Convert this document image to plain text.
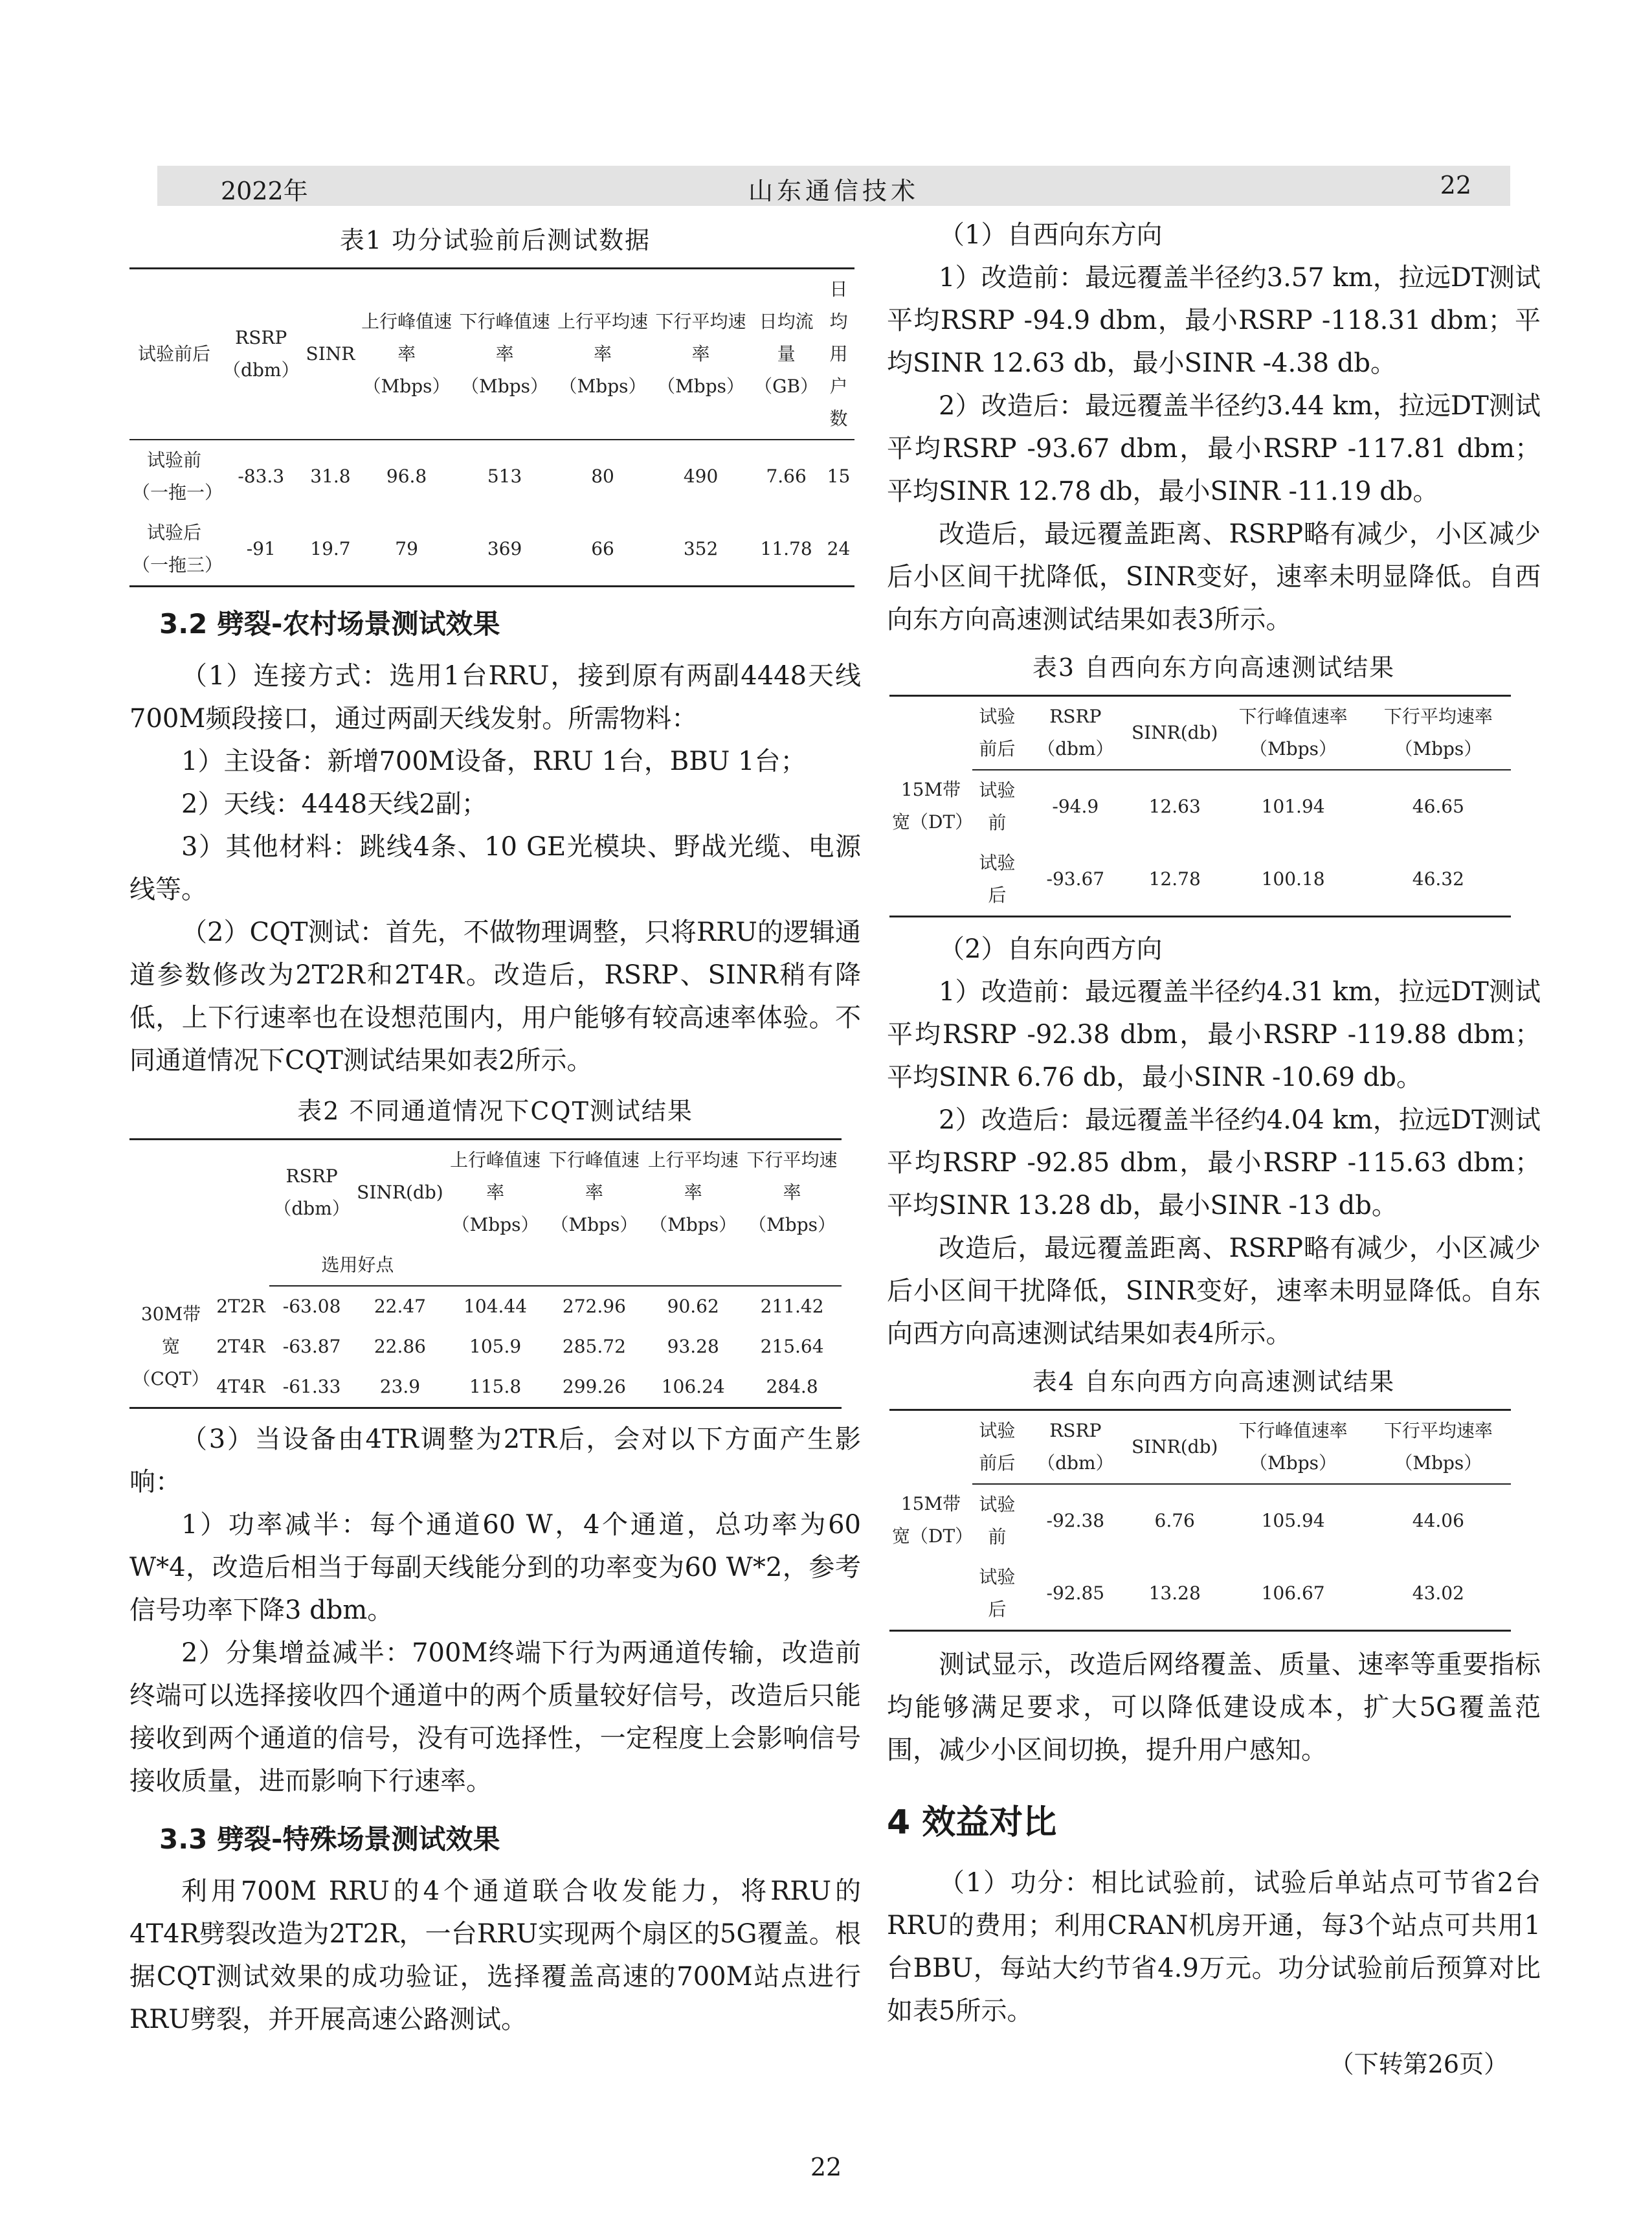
2022年	山东通信技术	22
表1 功分试验前后测试数据
试验前后	RSRP（dbm）	SINR	上行峰值速率（Mbps）	下行峰值速率（Mbps）	上行平均速率（Mbps）	下行平均速率（Mbps）	日均流量（GB）	日均用户数
试验前（一拖一）	-83.3	31.8	96.8	513	80	490	7.66	15
试验后（一拖三）	-91	19.7	79	369	66	352	11.78	24
3.2 劈裂-农村场景测试效果

（1）连接方式：选用1台RRU，接到原有两副4448天线700M频段接口，通过两副天线发射。所需物料：

1）主设备：新增700M设备，RRU 1台，BBU 1台；

2）天线：4448天线2副；

3）其他材料：跳线4条、10 GE光模块、野战光缆、电源线等。

（2）CQT测试：首先，不做物理调整，只将RRU的逻辑通道参数修改为2T2R和2T4R。改造后，RSRP、SINR稍有降低，上下行速率也在设想范围内，用户能够有较高速率体验。不同通道情况下CQT测试结果如表2所示。

表2 不同通道情况下CQT测试结果
		RSRP（dbm）	SINR(db)	上行峰值速率（Mbps）	下行峰值速率（Mbps）	上行平均速率（Mbps）	下行平均速率（Mbps）
		选用好点					
30M带宽（CQT）	2T2R	-63.08	22.47	104.44	272.96	90.62	211.42
	2T4R	-63.87	22.86	105.9	285.72	93.28	215.64
	4T4R	-61.33	23.9	115.8	299.26	106.24	284.8

（3）当设备由4TR调整为2TR后，会对以下方面产生影响：

1）功率减半：每个通道60 W，4个通道，总功率为60 W*4，改造后相当于每副天线能分到的功率变为60 W*2，参考信号功率下降3 dbm。

2）分集增益减半：700M终端下行为两通道传输，改造前终端可以选择接收四个通道中的两个质量较好信号，改造后只能接收到两个通道的信号，没有可选择性，一定程度上会影响信号接收质量，进而影响下行速率。

3.3 劈裂-特殊场景测试效果

利用700M RRU的4个通道联合收发能力，将RRU的4T4R劈裂改造为2T2R，一台RRU实现两个扇区的5G覆盖。根据CQT测试效果的成功验证，选择覆盖高速的700M站点进行RRU劈裂，并开展高速公路测试。

（1）自西向东方向

1）改造前：最远覆盖半径约3.57 km，拉远DT测试平均RSRP -94.9 dbm，最小RSRP -118.31 dbm；平均SINR 12.63 db，最小SINR -4.38 db。

2）改造后：最远覆盖半径约3.44 km，拉远DT测试平均RSRP -93.67 dbm，最小RSRP -117.81 dbm；平均SINR 12.78 db，最小SINR -11.19 db。

改造后，最远覆盖距离、RSRP略有减少，小区减少后小区间干扰降低，SINR变好，速率未明显降低。自西向东方向高速测试结果如表3所示。

表3 自西向东方向高速测试结果
15M带宽（DT）	试验前后	RSRP（dbm）	SINR(db)	下行峰值速率（Mbps）	下行平均速率（Mbps）
	试验前	-94.9	12.63	101.94	46.65
	试验后	-93.67	12.78	100.18	46.32

（2）自东向西方向

1）改造前：最远覆盖半径约4.31 km，拉远DT测试平均RSRP -92.38 dbm，最小RSRP -119.88 dbm；平均SINR 6.76 db，最小SINR -10.69 db。

2）改造后：最远覆盖半径约4.04 km，拉远DT测试平均RSRP -92.85 dbm，最小RSRP -115.63 dbm；平均SINR 13.28 db，最小SINR -13 db。

改造后，最远覆盖距离、RSRP略有减少，小区减少后小区间干扰降低，SINR变好，速率未明显降低。自东向西方向高速测试结果如表4所示。

表4 自东向西方向高速测试结果
15M带宽（DT）	试验前后	RSRP（dbm）	SINR(db)	下行峰值速率（Mbps）	下行平均速率（Mbps）
	试验前	-92.38	6.76	105.94	44.06
	试验后	-92.85	13.28	106.67	43.02

测试显示，改造后网络覆盖、质量、速率等重要指标均能够满足要求，可以降低建设成本，扩大5G覆盖范围，减少小区间切换，提升用户感知。

4 效益对比

（1）功分：相比试验前，试验后单站点可节省2台RRU的费用；利用CRAN机房开通，每3个站点可共用1台BBU，每站大约节省4.9万元。功分试验前后预算对比如表5所示。

（下转第26页）
22
